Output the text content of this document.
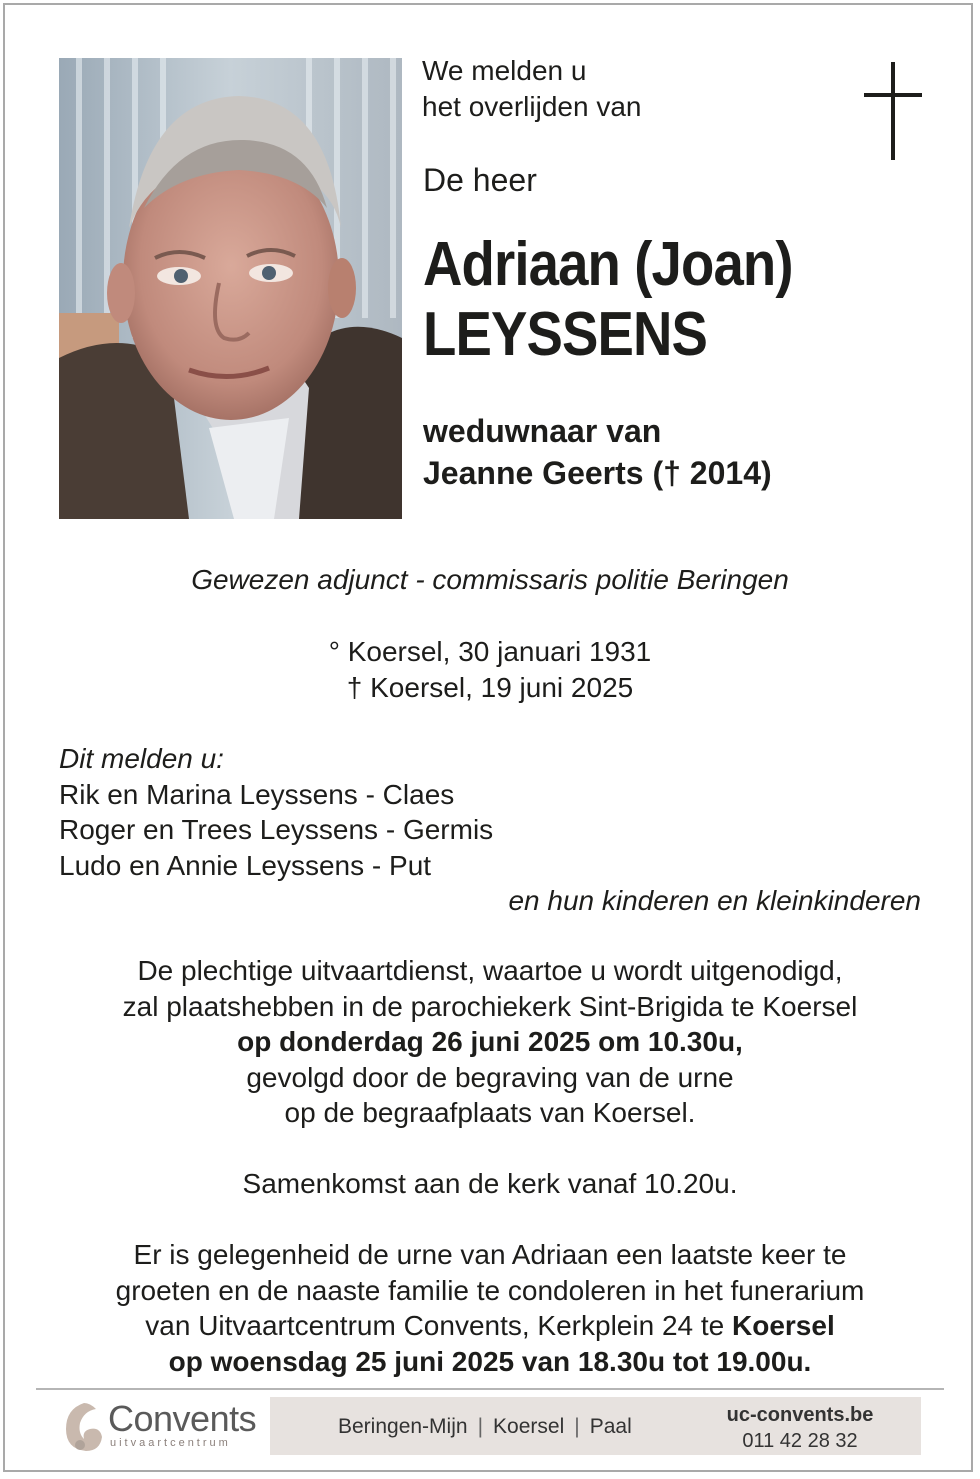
We melden u
het overlijden van
De heer
Adriaan (Joan)
LEYSSENS
weduwnaar van
Jeanne Geerts († 2014)
Gewezen adjunct - commissaris politie Beringen
° Koersel, 30 januari 1931
† Koersel, 19 juni 2025
Dit melden u:
Rik en Marina Leyssens - Claes
Roger en Trees Leyssens - Germis
Ludo en Annie Leyssens - Put
en hun kinderen en kleinkinderen
De plechtige uitvaartdienst, waartoe u wordt uitgenodigd,
zal plaatshebben in de parochiekerk Sint-Brigida te Koersel
op donderdag 26 juni 2025 om 10.30u,
gevolgd door de begraving van de urne
op de begraafplaats van Koersel.
Samenkomst aan de kerk vanaf 10.20u.
Er is gelegenheid de urne van Adriaan een laatste keer te
groeten en de naaste familie te condoleren in het funerarium
van Uitvaartcentrum Convents, Kerkplein 24 te Koersel
op woensdag 25 juni 2025 van 18.30u tot 19.00u.
Convents
uitvaartcentrum
Beringen-Mijn | Koersel | Paal	uc-convents.be
011 42 28 32
